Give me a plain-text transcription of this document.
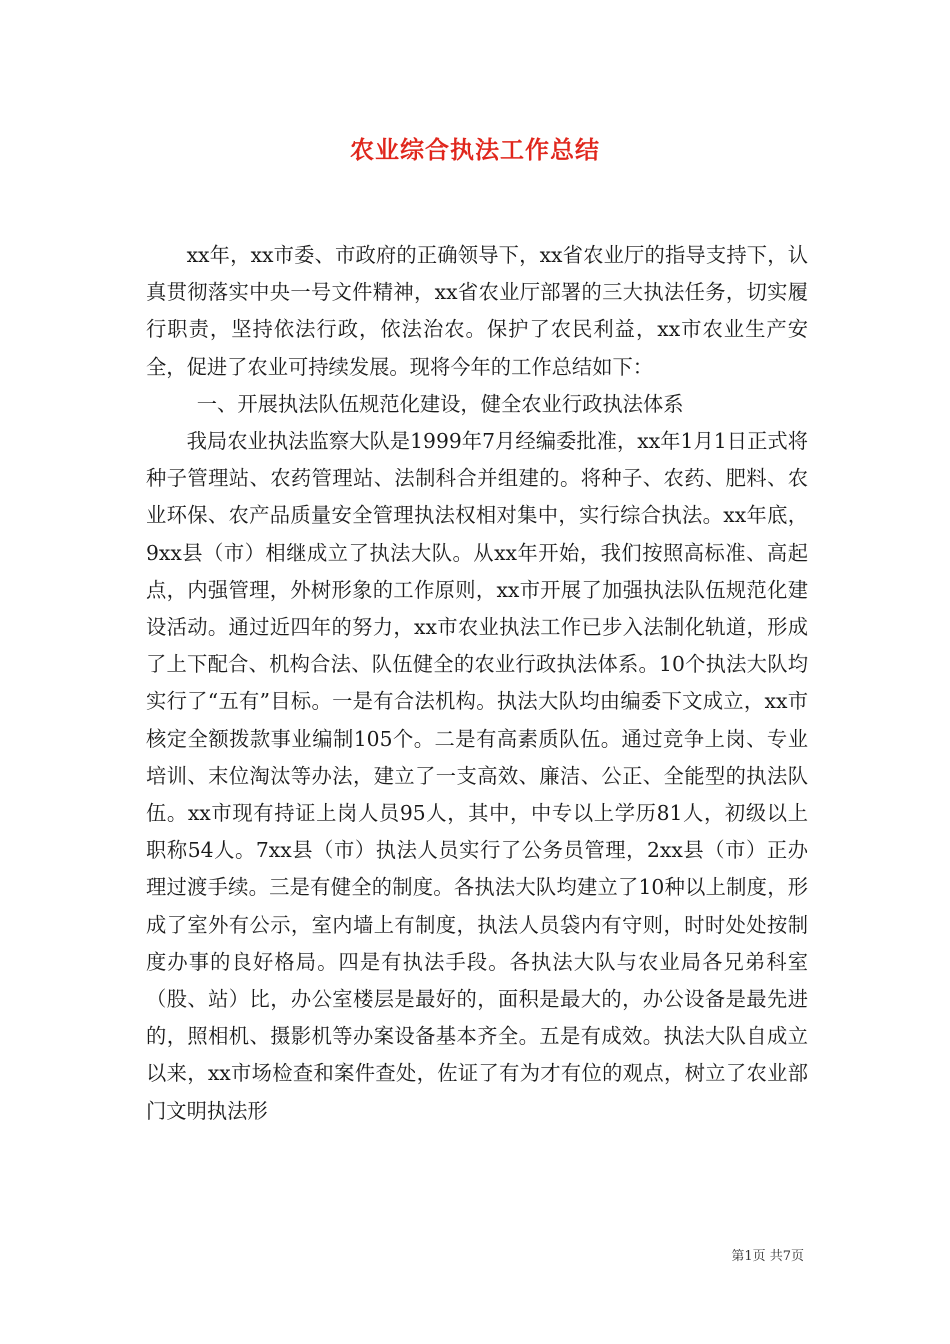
农业综合执法工作总结

xx年，xx市委、市政府的正确领导下，xx省农业厅的指导支持下，认真贯彻落实中央一号文件精神，xx省农业厅部署的三大执法任务，切实履行职责，坚持依法行政，依法治农。保护了农民利益，xx市农业生产安全，促进了农业可持续发展。现将今年的工作总结如下：

一、开展执法队伍规范化建设，健全农业行政执法体系

我局农业执法监察大队是1999年7月经编委批准，xx年1月1日正式将种子管理站、农药管理站、法制科合并组建的。将种子、农药、肥料、农业环保、农产品质量安全管理执法权相对集中，实行综合执法。xx年底，9xx县（市）相继成立了执法大队。从xx年开始，我们按照高标准、高起点，内强管理，外树形象的工作原则，xx市开展了加强执法队伍规范化建设活动。通过近四年的努力，xx市农业执法工作已步入法制化轨道，形成了上下配合、机构合法、队伍健全的农业行政执法体系。10个执法大队均实行了“五有”目标。一是有合法机构。执法大队均由编委下文成立，xx市核定全额拨款事业编制105个。二是有高素质队伍。通过竞争上岗、专业培训、末位淘汰等办法，建立了一支高效、廉洁、公正、全能型的执法队伍。xx市现有持证上岗人员95人，其中，中专以上学历81人，初级以上职称54人。7xx县（市）执法人员实行了公务员管理，2xx县（市）正办理过渡手续。三是有健全的制度。各执法大队均建立了10种以上制度，形成了室外有公示，室内墙上有制度，执法人员袋内有守则，时时处处按制度办事的良好格局。四是有执法手段。各执法大队与农业局各兄弟科室（股、站）比，办公室楼层是最好的，面积是最大的，办公设备是最先进的，照相机、摄影机等办案设备基本齐全。五是有成效。执法大队自成立以来，xx市场检查和案件查处，佐证了有为才有位的观点，树立了农业部门文明执法形

第1页 共7页
